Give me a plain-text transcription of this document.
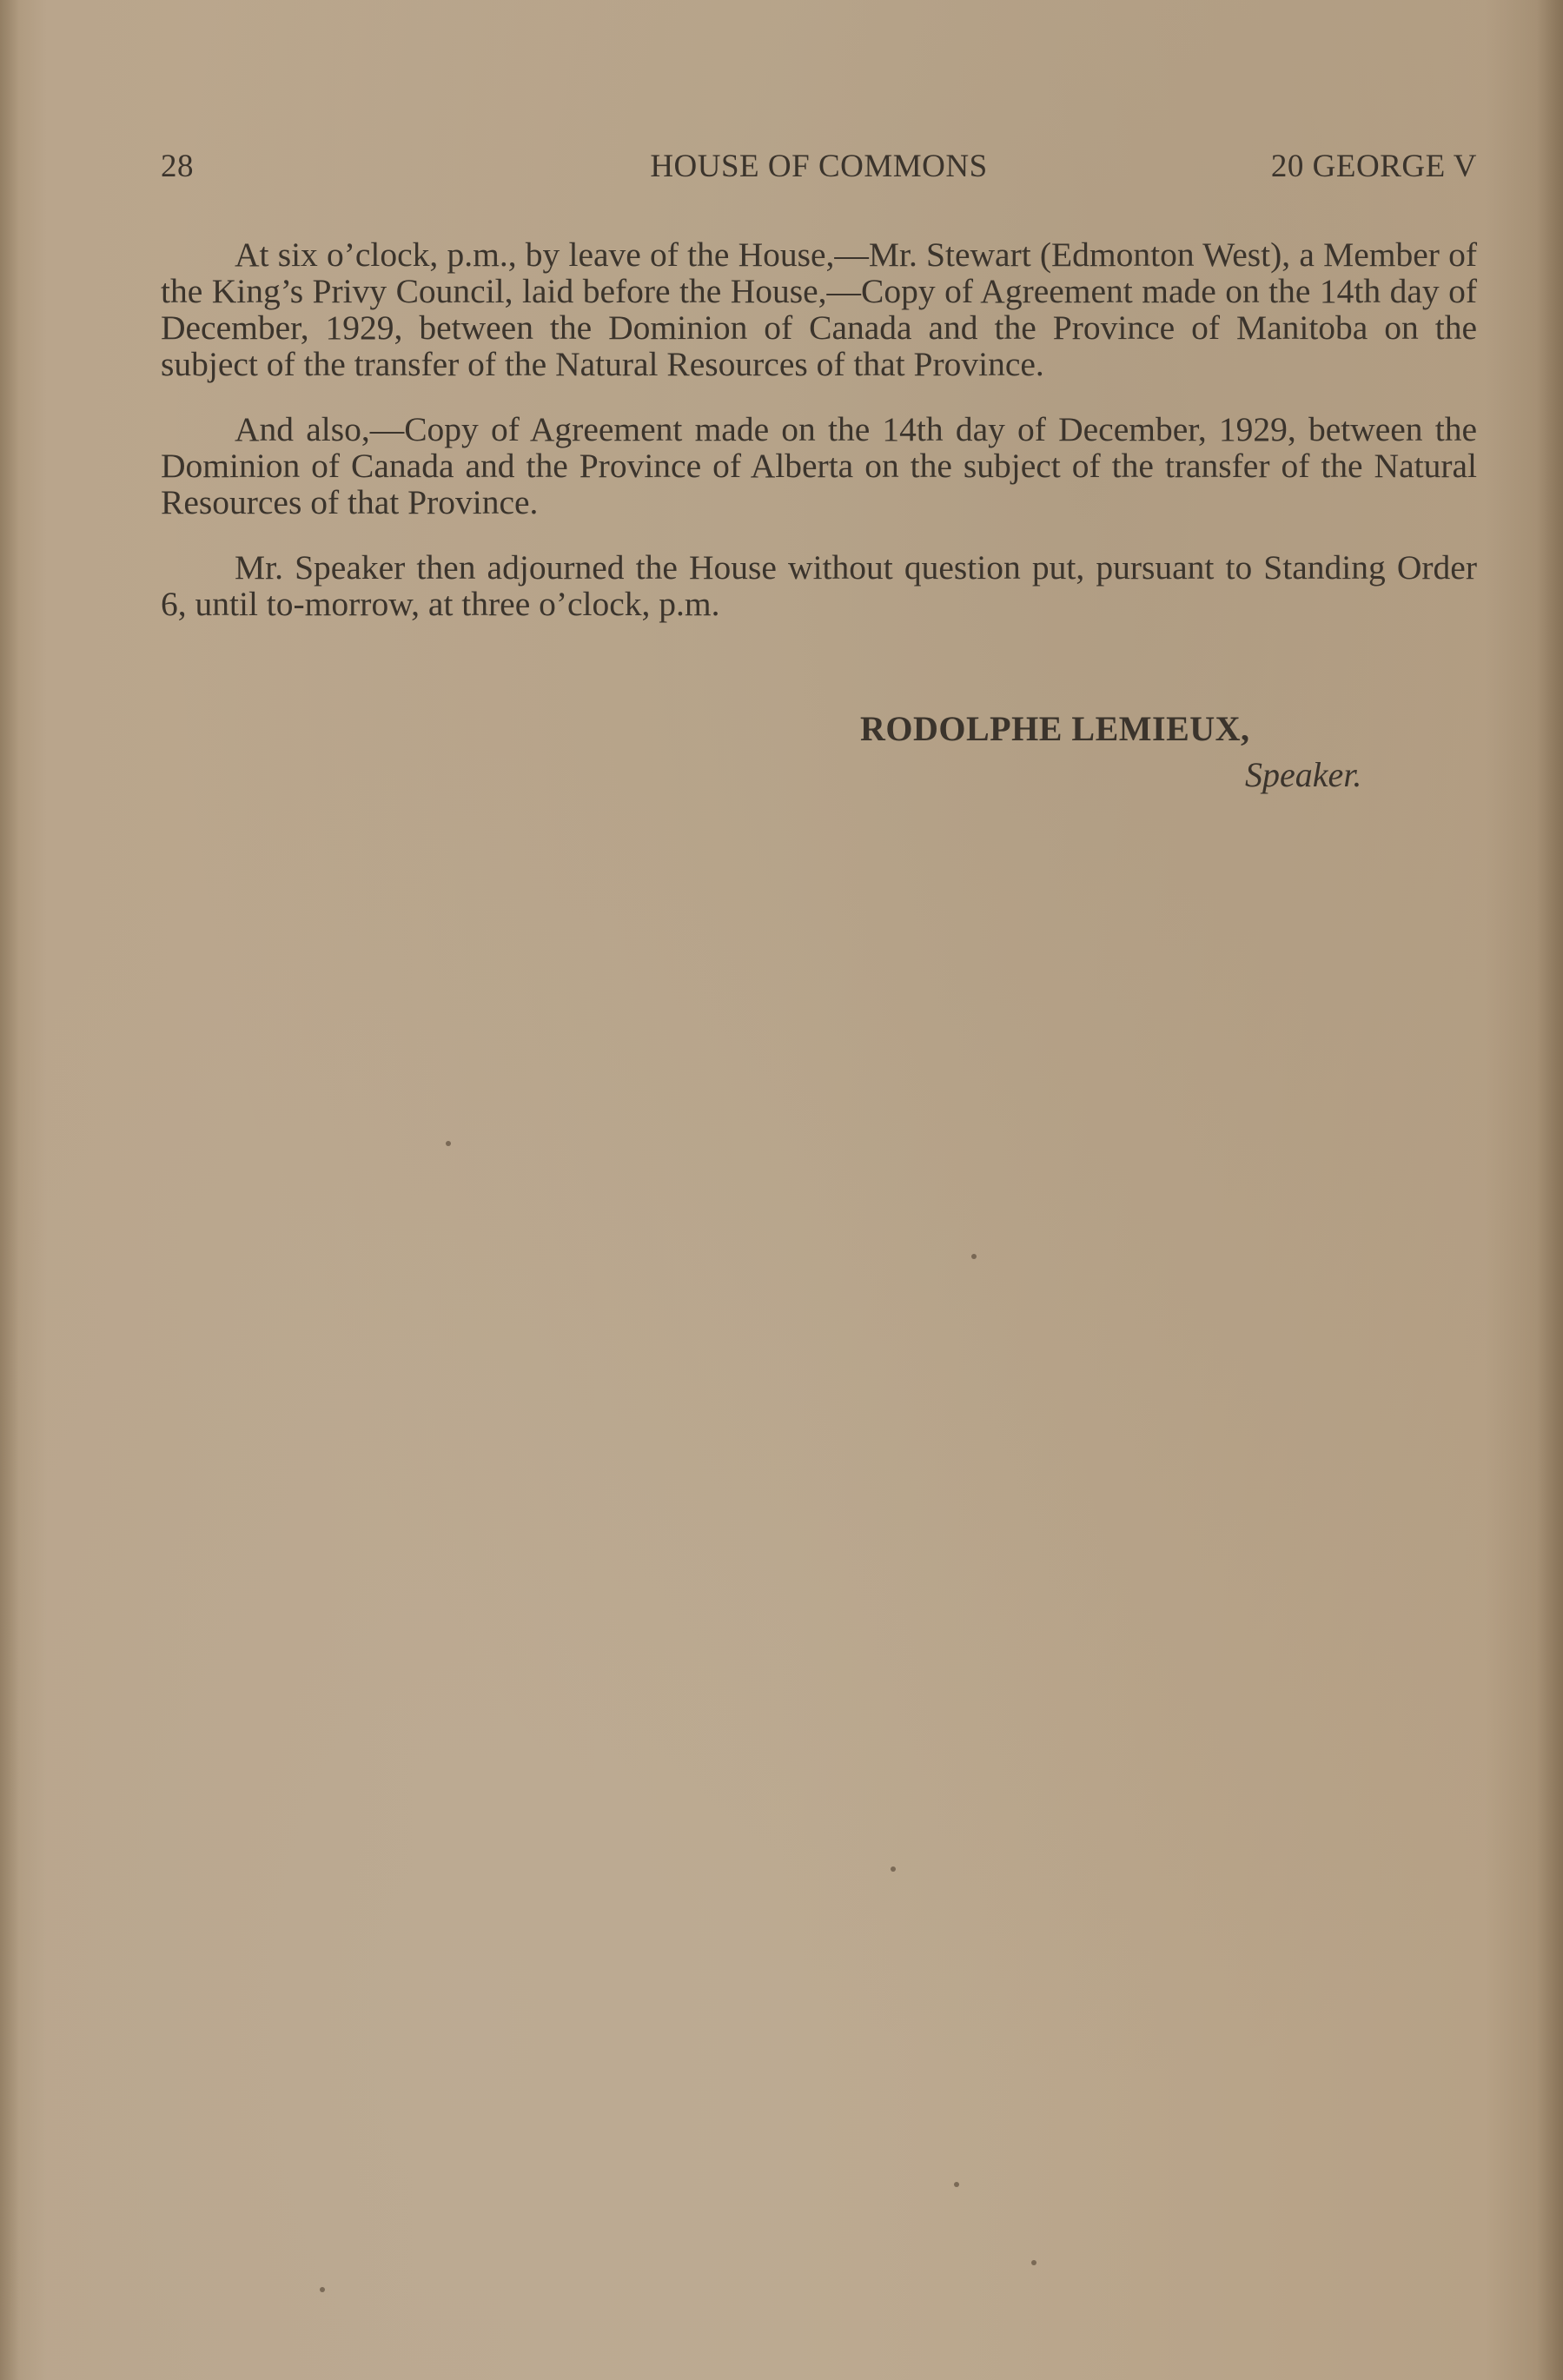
28	HOUSE OF COMMONS	20 GEORGE V

At six o’clock, p.m., by leave of the House,—Mr. Stewart (Edmonton West), a Member of the King’s Privy Council, laid before the House,—Copy of Agreement made on the 14th day of December, 1929, between the Dominion of Canada and the Province of Manitoba on the subject of the transfer of the Natural Resources of that Province.

And also,—Copy of Agreement made on the 14th day of December, 1929, between the Dominion of Canada and the Province of Alberta on the subject of the transfer of the Natural Resources of that Province.

Mr. Speaker then adjourned the House without question put, pursuant to Standing Order 6, until to-morrow, at three o’clock, p.m.

RODOLPHE LEMIEUX,
Speaker.
